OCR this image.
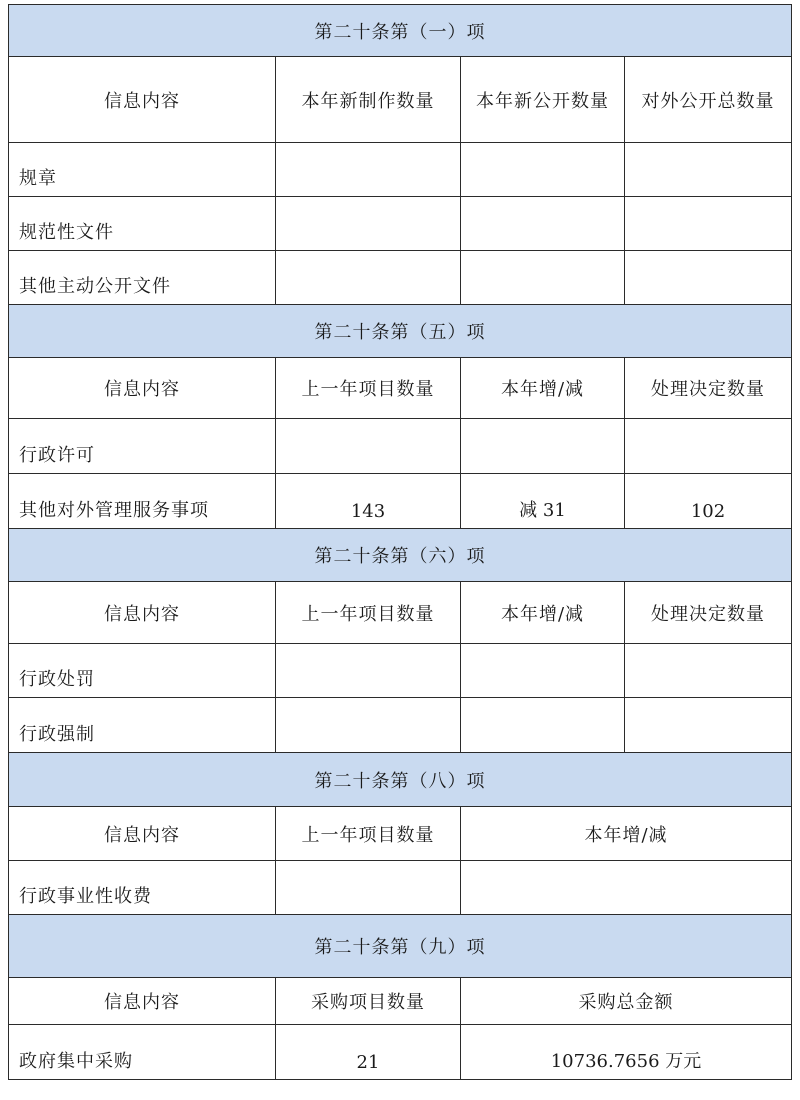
第二十条第（一）项			
信息内容	本年新制作数量	本年新公开数量	对外公开总数量
规章			
规范性文件			
其他主动公开文件			
第二十条第（五）项			
信息内容	上一年项目数量	本年增/减	处理决定数量
行政许可			
其他对外管理服务事项	143	减 31	102
第二十条第（六）项			
信息内容	上一年项目数量	本年增/减	处理决定数量
行政处罚			
行政强制			
第二十条第（八）项			
信息内容	上一年项目数量	本年增/减	
行政事业性收费			
第二十条第（九）项			
信息内容	采购项目数量	采购总金额	
政府集中采购	21	10736.7656 万元	
